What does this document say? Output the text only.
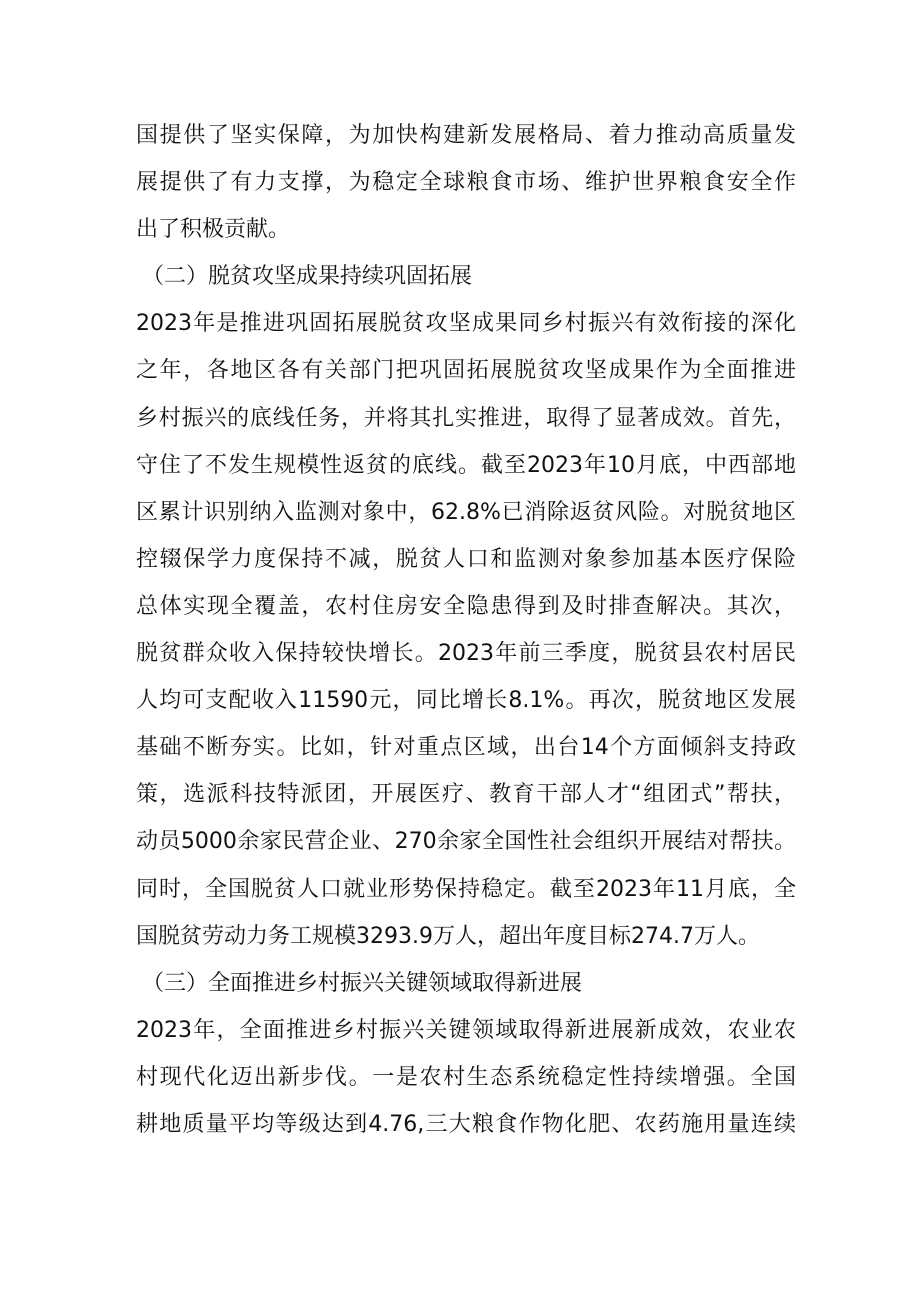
国提供了坚实保障，为加快构建新发展格局、着力推动高质量发
展提供了有力支撑，为稳定全球粮食市场、维护世界粮食安全作
出了积极贡献。
（二）脱贫攻坚成果持续巩固拓展
2023年是推进巩固拓展脱贫攻坚成果同乡村振兴有效衔接的深化
之年，各地区各有关部门把巩固拓展脱贫攻坚成果作为全面推进
乡村振兴的底线任务，并将其扎实推进，取得了显著成效。首先，
守住了不发生规模性返贫的底线。截至2023年10月底，中西部地
区累计识别纳入监测对象中，62.8%已消除返贫风险。对脱贫地区
控辍保学力度保持不减，脱贫人口和监测对象参加基本医疗保险
总体实现全覆盖，农村住房安全隐患得到及时排查解决。其次，
脱贫群众收入保持较快增长。2023年前三季度，脱贫县农村居民
人均可支配收入11590元，同比增长8.1%。再次，脱贫地区发展
基础不断夯实。比如，针对重点区域，出台14个方面倾斜支持政
策，选派科技特派团，开展医疗、教育干部人才“组团式”帮扶，
动员5000余家民营企业、270余家全国性社会组织开展结对帮扶。
同时，全国脱贫人口就业形势保持稳定。截至2023年11月底，全
国脱贫劳动力务工规模3293.9万人，超出年度目标274.7万人。
（三）全面推进乡村振兴关键领域取得新进展
2023年，全面推进乡村振兴关键领域取得新进展新成效，农业农
村现代化迈出新步伐。一是农村生态系统稳定性持续增强。全国
耕地质量平均等级达到4.76,三大粮食作物化肥、农药施用量连续
